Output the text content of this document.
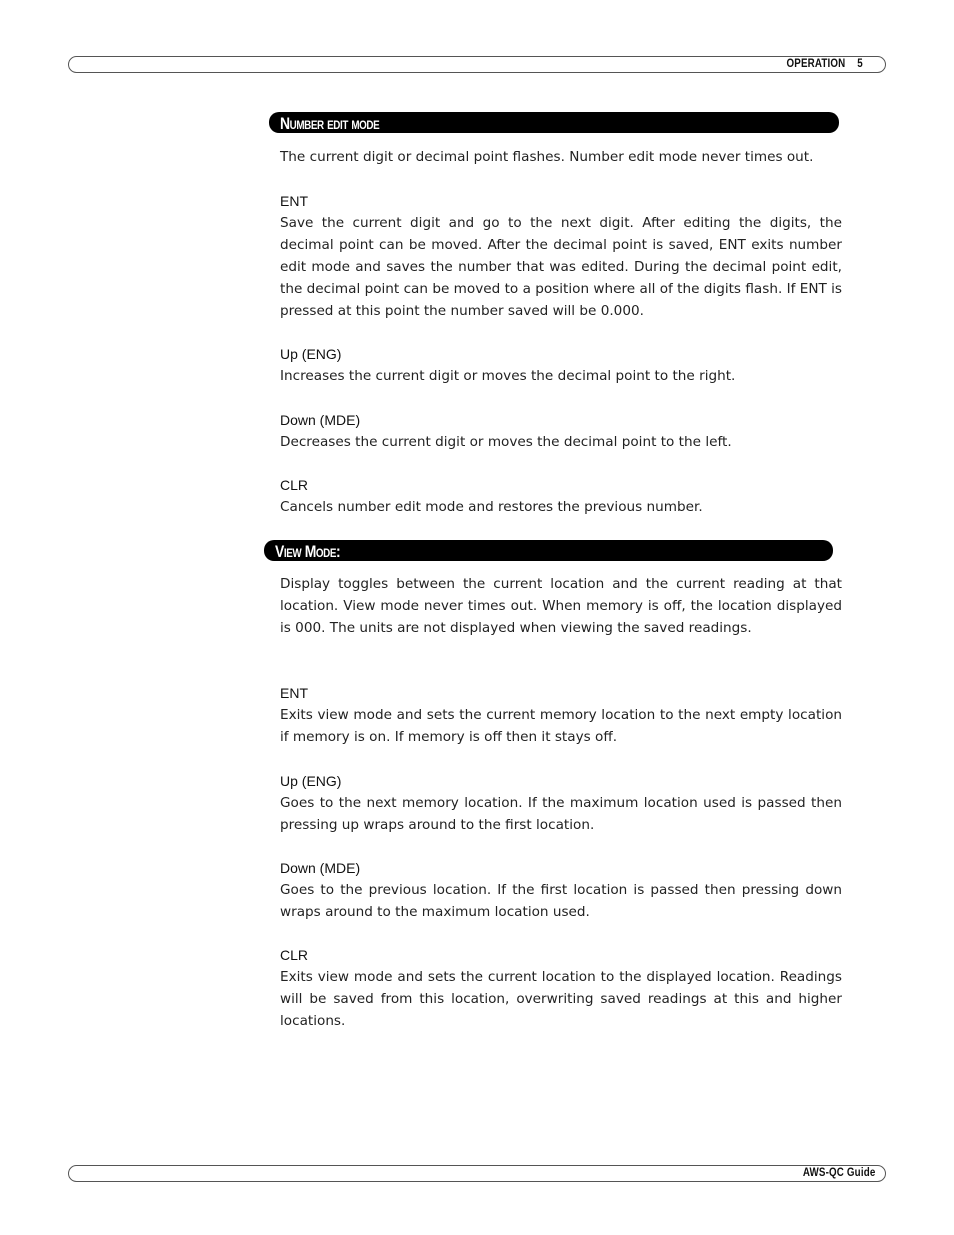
OPERATION 5
Number edit mode

The current digit or decimal point flashes. Number edit mode never times out.

ENT

Save the current digit and go to the next digit. After editing the digits, the decimal point can be moved. After the decimal point is saved, ENT exits number edit mode and saves the number that was edited. During the decimal point edit, the decimal point can be moved to a position where all of the digits flash. If ENT is pressed at this point the number saved will be 0.000.

Up (ENG)

Increases the current digit or moves the decimal point to the right.

Down (MDE)

Decreases the current digit or moves the decimal point to the left.

CLR

Cancels number edit mode and restores the previous number.

View Mode:

Display toggles between the current location and the current reading at that location. View mode never times out. When memory is off, the location displayed is 000. The units are not displayed when viewing the saved readings.

ENT

Exits view mode and sets the current memory location to the next empty location if memory is on. If memory is off then it stays off.

Up (ENG)

Goes to the next memory location. If the maximum location used is passed then pressing up wraps around to the first location.

Down (MDE)

Goes to the previous location. If the first location is passed then pressing down wraps around to the maximum location used.

CLR

Exits view mode and sets the current location to the displayed location. Readings will be saved from this location, overwriting saved readings at this and higher locations.

AWS-QC Guide
